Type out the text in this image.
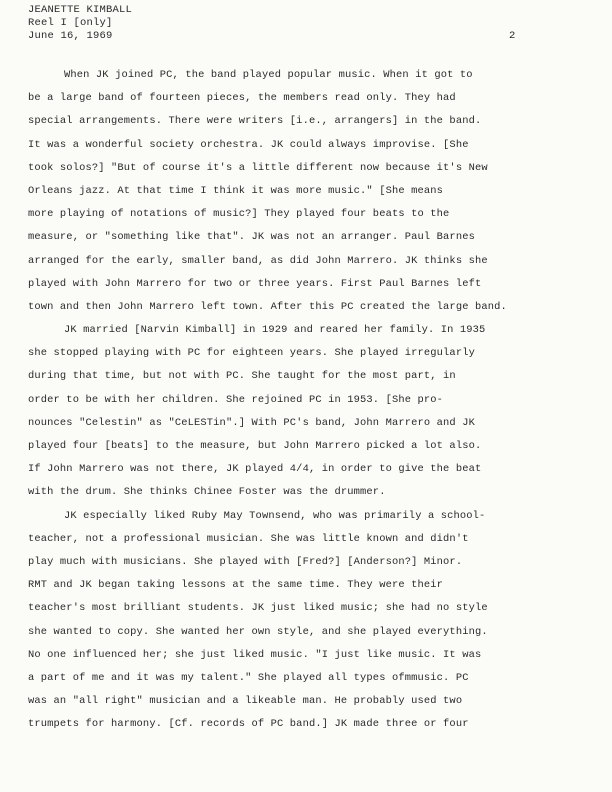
JEANETTE KIMBALL
Reel I [only]
June 16, 1969	2
When JK joined PC, the band played popular music. When it got to
be a large band of fourteen pieces, the members read only. They had
special arrangements. There were writers [i.e., arrangers] in the band.
It was a wonderful society orchestra. JK could always improvise. [She
took solos?] "But of course it's a little different now because it's New
Orleans jazz. At that time I think it was more music." [She means
more playing of notations of music?] They played four beats to the
measure, or "something like that". JK was not an arranger. Paul Barnes
arranged for the early, smaller band, as did John Marrero. JK thinks she
played with John Marrero for two or three years. First Paul Barnes left
town and then John Marrero left town. After this PC created the large band.
JK married [Narvin Kimball] in 1929 and reared her family. In 1935
she stopped playing with PC for eighteen years. She played irregularly
during that time, but not with PC. She taught for the most part, in
order to be with her children. She rejoined PC in 1953. [She pro-
nounces "Celestin" as "CeLESTin".] With PC's band, John Marrero and JK
played four [beats] to the measure, but John Marrero picked a lot also.
If John Marrero was not there, JK played 4/4, in order to give the beat
with the drum. She thinks Chinee Foster was the drummer.
JK especially liked Ruby May Townsend, who was primarily a school-
teacher, not a professional musician. She was little known and didn't
play much with musicians. She played with [Fred?] [Anderson?] Minor.
RMT and JK began taking lessons at the same time. They were their
teacher's most brilliant students. JK just liked music; she had no style
she wanted to copy. She wanted her own style, and she played everything.
No one influenced her; she just liked music. "I just like music. It was
a part of me and it was my talent." She played all types ofmmusic. PC
was an "all right" musician and a likeable man. He probably used two
trumpets for harmony. [Cf. records of PC band.] JK made three or four
